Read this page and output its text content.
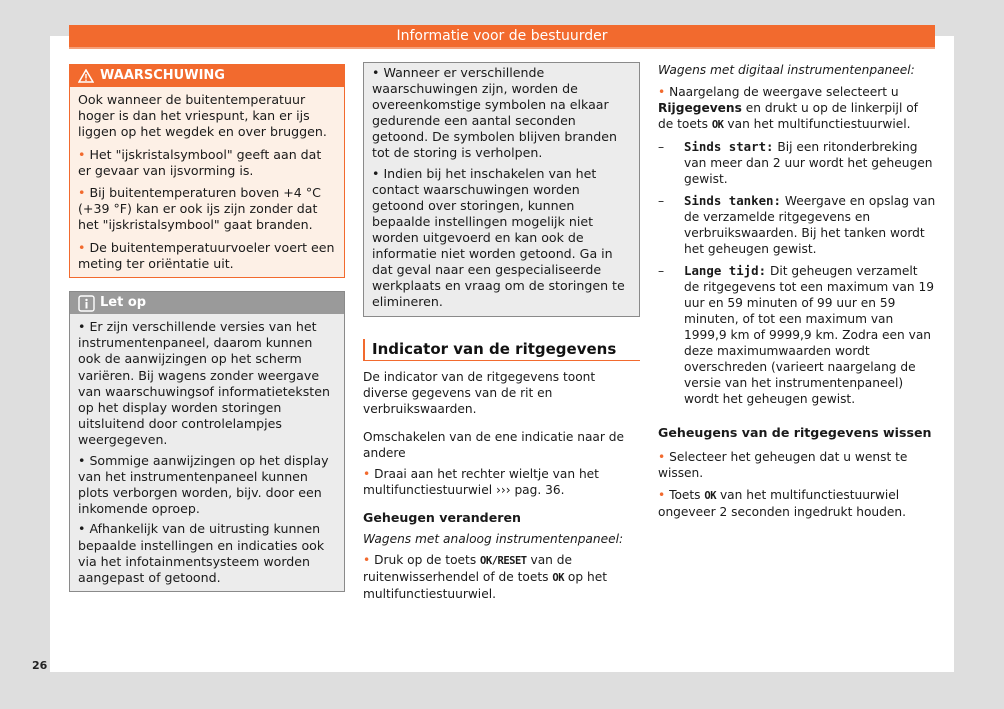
Informatie voor de bestuurder
WAARSCHUWING

Ook wanneer de buitentemperatuur hoger is dan het vriespunt, kan er ijs liggen op het wegdek en over bruggen.

• Het "ijskristalsymbool" geeft aan dat er gevaar van ijsvorming is.

• Bij buitentemperaturen boven +4 °C (+39 °F) kan er ook ijs zijn zonder dat het "ijskristalsymbool" gaat branden.

• De buitentemperatuurvoeler voert een meting ter oriëntatie uit.

Let op

• Er zijn verschillende versies van het instrumentenpaneel, daarom kunnen ook de aanwijzingen op het scherm variëren. Bij wagens zonder weergave van waarschuwingsof informatieteksten op het display worden storingen uitsluitend door controlelampjes weergegeven.

• Sommige aanwijzingen op het display van het instrumentenpaneel kunnen plots verborgen worden, bijv. door een inkomende oproep.

• Afhankelijk van de uitrusting kunnen bepaalde instellingen en indicaties ook via het infotainmentsysteem worden aangepast of getoond.

• Wanneer er verschillende waarschuwingen zijn, worden de overeenkomstige symbolen na elkaar gedurende een aantal seconden getoond. De symbolen blijven branden tot de storing is verholpen.

• Indien bij het inschakelen van het contact waarschuwingen worden getoond over storingen, kunnen bepaalde instellingen mogelijk niet worden uitgevoerd en kan ook de informatie niet worden getoond. Ga in dat geval naar een gespecialiseerde werkplaats en vraag om de storingen te elimineren.

Indicator van de ritgegevens

De indicator van de ritgegevens toont diverse gegevens van de rit en verbruikswaarden.

Omschakelen van de ene indicatie naar de andere

• Draai aan het rechter wieltje van het multifunctiestuurwiel ››› pag. 36.

Geheugen veranderen

Wagens met analoog instrumentenpaneel:

• Druk op de toets OK/RESET van de ruitenwisserhendel of de toets OK op het multifunctiestuurwiel.

Wagens met digitaal instrumentenpaneel:

• Naargelang de weergave selecteert u Rijgegevens en drukt u op de linkerpijl of de toets OK van het multifunctiestuurwiel.

–	Sinds start: Bij een ritonderbreking van meer dan 2 uur wordt het geheugen gewist.
–	Sinds tanken: Weergave en opslag van de verzamelde ritgegevens en verbruikswaarden. Bij het tanken wordt het geheugen gewist.
–	Lange tijd: Dit geheugen verzamelt de ritgegevens tot een maximum van 19 uur en 59 minuten of 99 uur en 59 minuten, of tot een maximum van 1999,9 km of 9999,9 km. Zodra een van deze maximumwaarden wordt overschreden (varieert naargelang de versie van het instrumentenpaneel) wordt het geheugen gewist.

Geheugens van de ritgegevens wissen

• Selecteer het geheugen dat u wenst te wissen.

• Toets OK van het multifunctiestuurwiel ongeveer 2 seconden ingedrukt houden.

26
